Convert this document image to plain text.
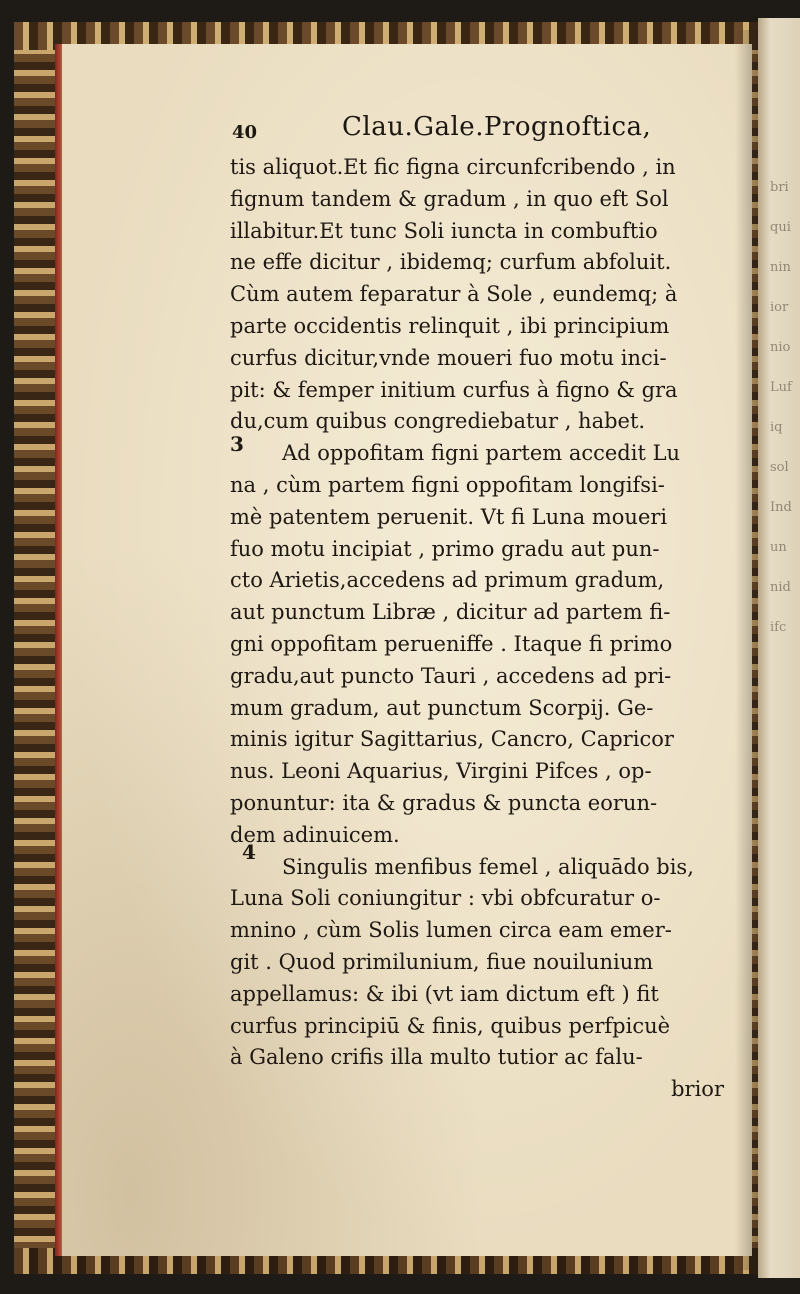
bri
qui
nin
ior
nio
Luf
iq
sol
Ind
un
nid
ifc
40	Clau.Gale.Prognoftica,
3
4
tis aliquot.Et fic figna circunfcribendo , in
fignum tandem & gradum , in quo eft Sol
illabitur.Et tunc Soli iuncta in combuftio
ne effe dicitur , ibidemq; curfum abfoluit.
Cùm autem feparatur à Sole , eundemq; à
parte occidentis relinquit , ibi principium
curfus dicitur,vnde moueri fuo motu inci-
pit: & femper initium curfus à figno & gra
du,cum quibus congrediebatur , habet.
Ad oppofitam figni partem accedit Lu
na , cùm partem figni oppofitam longifsi-
mè patentem peruenit. Vt fi Luna moueri
fuo motu incipiat , primo gradu aut pun-
cto Arietis,accedens ad primum gradum,
aut punctum Libræ , dicitur ad partem fi-
gni oppofitam perueniffe . Itaque fi primo
gradu,aut puncto Tauri , accedens ad pri-
mum gradum, aut punctum Scorpij. Ge-
minis igitur Sagittarius, Cancro, Capricor
nus. Leoni Aquarius, Virgini Pifces , op-
ponuntur: ita & gradus & puncta eorun-
dem adinuicem.
Singulis menfibus femel , aliquādo bis,
Luna Soli coniungitur : vbi obfcuratur o-
mnino , cùm Solis lumen circa eam emer-
git . Quod primilunium, fiue nouilunium
appellamus: & ibi (vt iam dictum eft ) fit
curfus principiū & finis, quibus perfpicuè
à Galeno crifis illa multo tutior ac falu-
brior
